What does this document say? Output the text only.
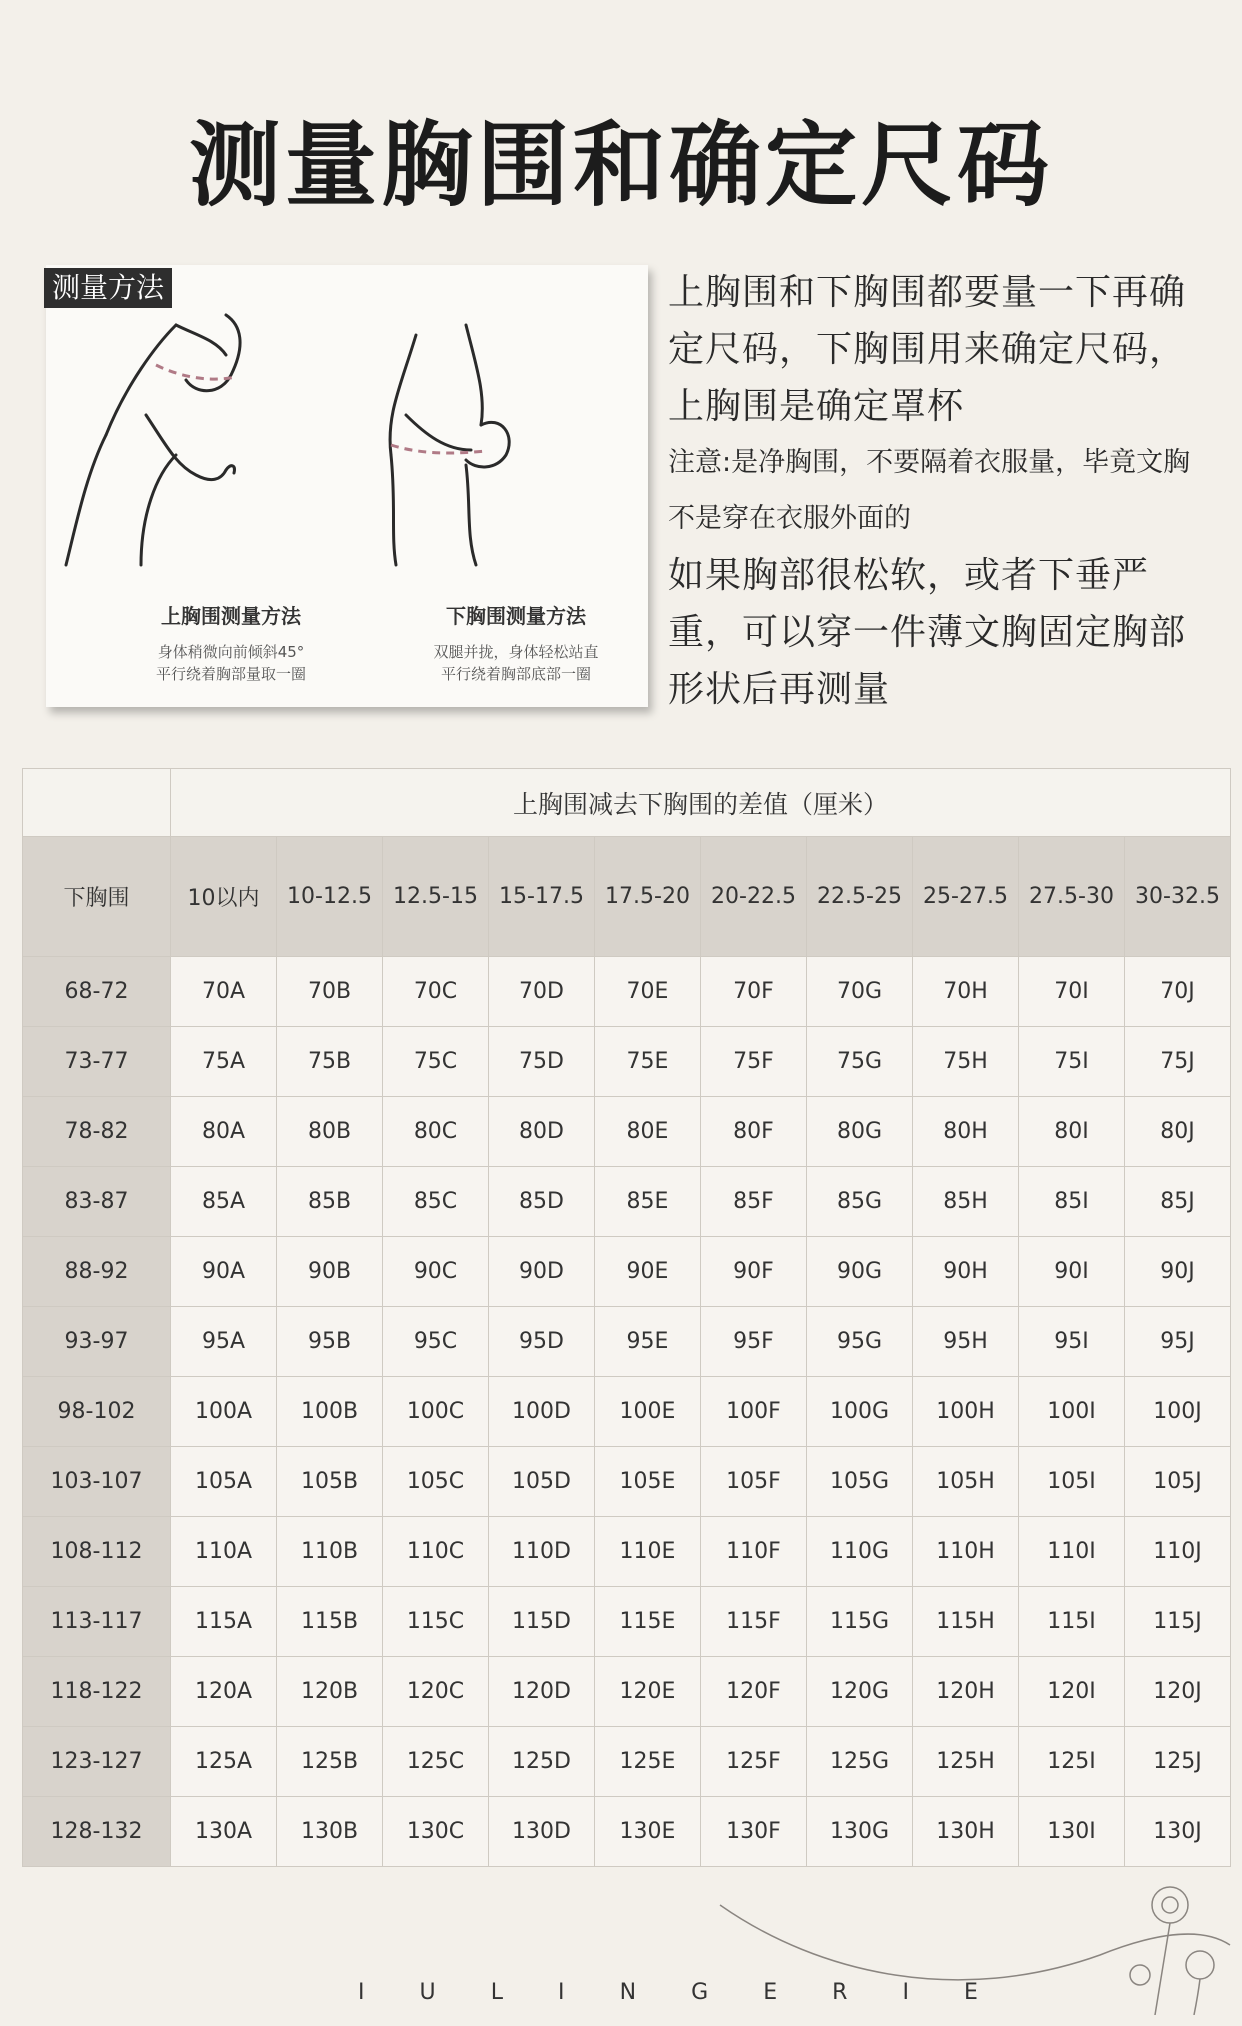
测量胸围和确定尺码
上胸围测量方法
身体稍微向前倾斜45°
平行绕着胸部量取一圈
下胸围测量方法
双腿并拢，身体轻松站直
平行绕着胸部底部一圈
测量方法	上胸围和下胸围都要量一下再确定尺码，下胸围用来确定尺码，上胸围是确定罩杯

注意:是净胸围，不要隔着衣服量，毕竟文胸不是穿在衣服外面的

如果胸部很松软，或者下垂严重，可以穿一件薄文胸固定胸部形状后再测量

	上胸围减去下胸围的差值（厘米）									
下胸围	10以内	10-12.5	12.5-15	15-17.5	17.5-20	20-22.5	22.5-25	25-27.5	27.5-30	30-32.5
68-72	70A	70B	70C	70D	70E	70F	70G	70H	70I	70J
73-77	75A	75B	75C	75D	75E	75F	75G	75H	75I	75J
78-82	80A	80B	80C	80D	80E	80F	80G	80H	80I	80J
83-87	85A	85B	85C	85D	85E	85F	85G	85H	85I	85J
88-92	90A	90B	90C	90D	90E	90F	90G	90H	90I	90J
93-97	95A	95B	95C	95D	95E	95F	95G	95H	95I	95J
98-102	100A	100B	100C	100D	100E	100F	100G	100H	100I	100J
103-107	105A	105B	105C	105D	105E	105F	105G	105H	105I	105J
108-112	110A	110B	110C	110D	110E	110F	110G	110H	110I	110J
113-117	115A	115B	115C	115D	115E	115F	115G	115H	115I	115J
118-122	120A	120B	120C	120D	120E	120F	120G	120H	120I	120J
123-127	125A	125B	125C	125D	125E	125F	125G	125H	125I	125J
128-132	130A	130B	130C	130D	130E	130F	130G	130H	130I	130J
I	U	L	I	N	G	E	R	I	E
